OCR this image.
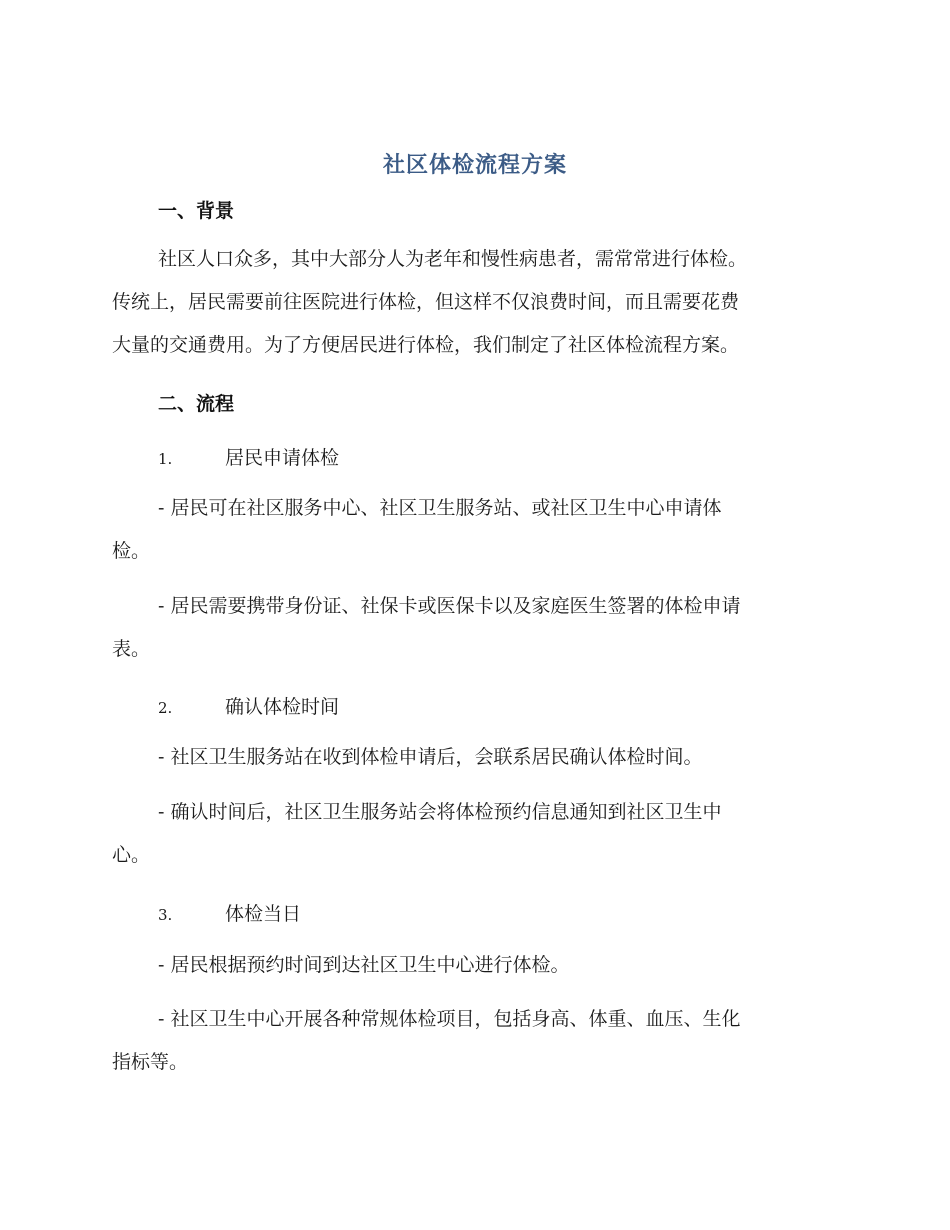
社区体检流程方案
一、背景

社区人口众多，其中大部分人为老年和慢性病患者，需常常进行体检。
传统上，居民需要前往医院进行体检，但这样不仅浪费时间，而且需要花费
大量的交通费用。为了方便居民进行体检，我们制定了社区体检流程方案。

二、流程
1.	居民申请体检

- 居民可在社区服务中心、社区卫生服务站、或社区卫生中心申请体
检。

- 居民需要携带身份证、社保卡或医保卡以及家庭医生签署的体检申请
表。

2.	确认体检时间

- 社区卫生服务站在收到体检申请后，会联系居民确认体检时间。

- 确认时间后，社区卫生服务站会将体检预约信息通知到社区卫生中
心。

3.	体检当日

- 居民根据预约时间到达社区卫生中心进行体检。

- 社区卫生中心开展各种常规体检项目，包括身高、体重、血压、生化
指标等。
